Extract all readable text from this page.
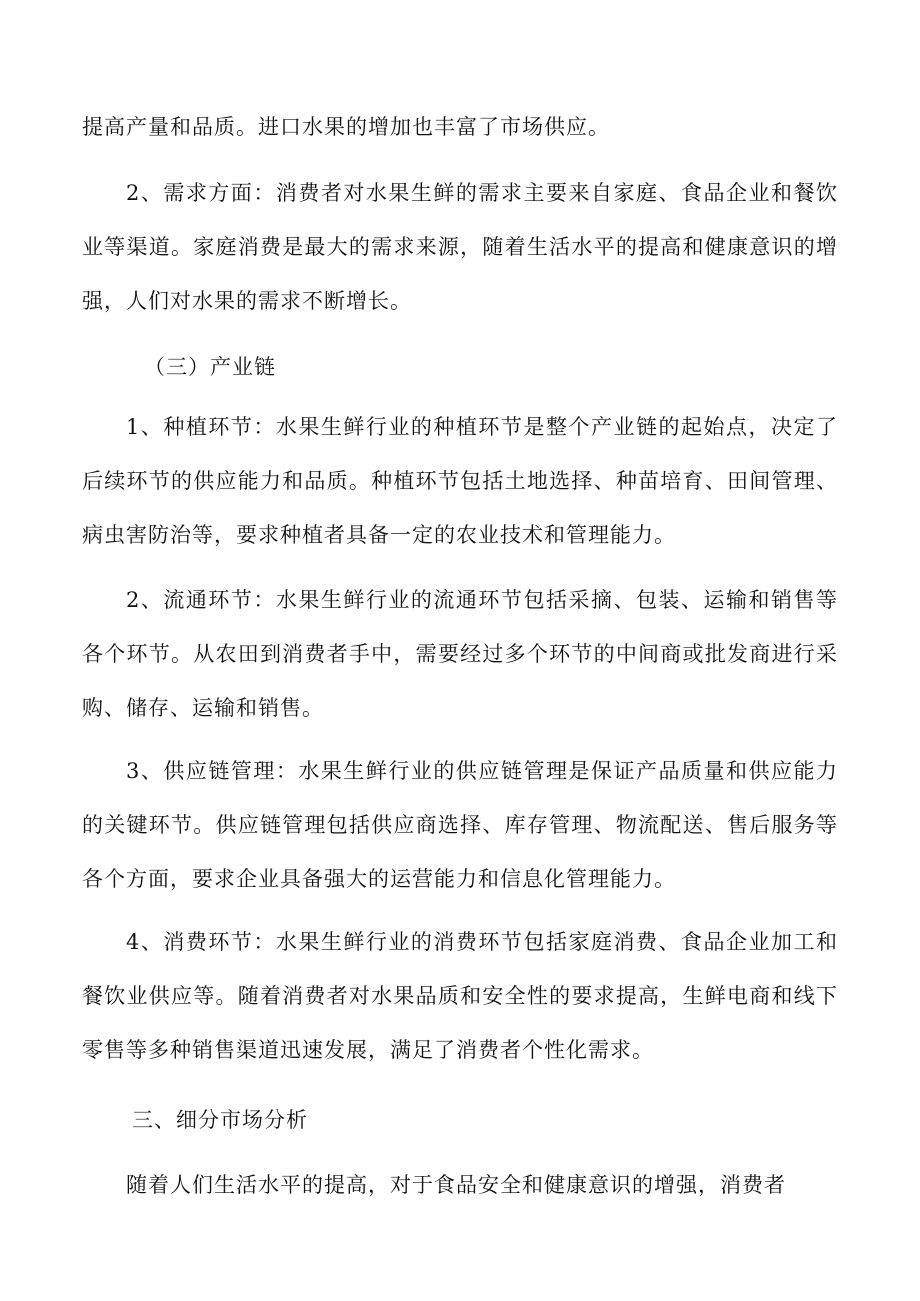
提高产量和品质。进口水果的增加也丰富了市场供应。
2、需求方面：消费者对水果生鲜的需求主要来自家庭、食品企业和餐饮业等渠道。家庭消费是最大的需求来源，随着生活水平的提高和健康意识的增强，人们对水果的需求不断增长。
（三）产业链
1、种植环节：水果生鲜行业的种植环节是整个产业链的起始点，决定了后续环节的供应能力和品质。种植环节包括土地选择、种苗培育、田间管理、病虫害防治等，要求种植者具备一定的农业技术和管理能力。
2、流通环节：水果生鲜行业的流通环节包括采摘、包装、运输和销售等各个环节。从农田到消费者手中，需要经过多个环节的中间商或批发商进行采购、储存、运输和销售。
3、供应链管理：水果生鲜行业的供应链管理是保证产品质量和供应能力的关键环节。供应链管理包括供应商选择、库存管理、物流配送、售后服务等各个方面，要求企业具备强大的运营能力和信息化管理能力。
4、消费环节：水果生鲜行业的消费环节包括家庭消费、食品企业加工和餐饮业供应等。随着消费者对水果品质和安全性的要求提高，生鲜电商和线下零售等多种销售渠道迅速发展，满足了消费者个性化需求。
三、细分市场分析
随着人们生活水平的提高，对于食品安全和健康意识的增强，消费者
